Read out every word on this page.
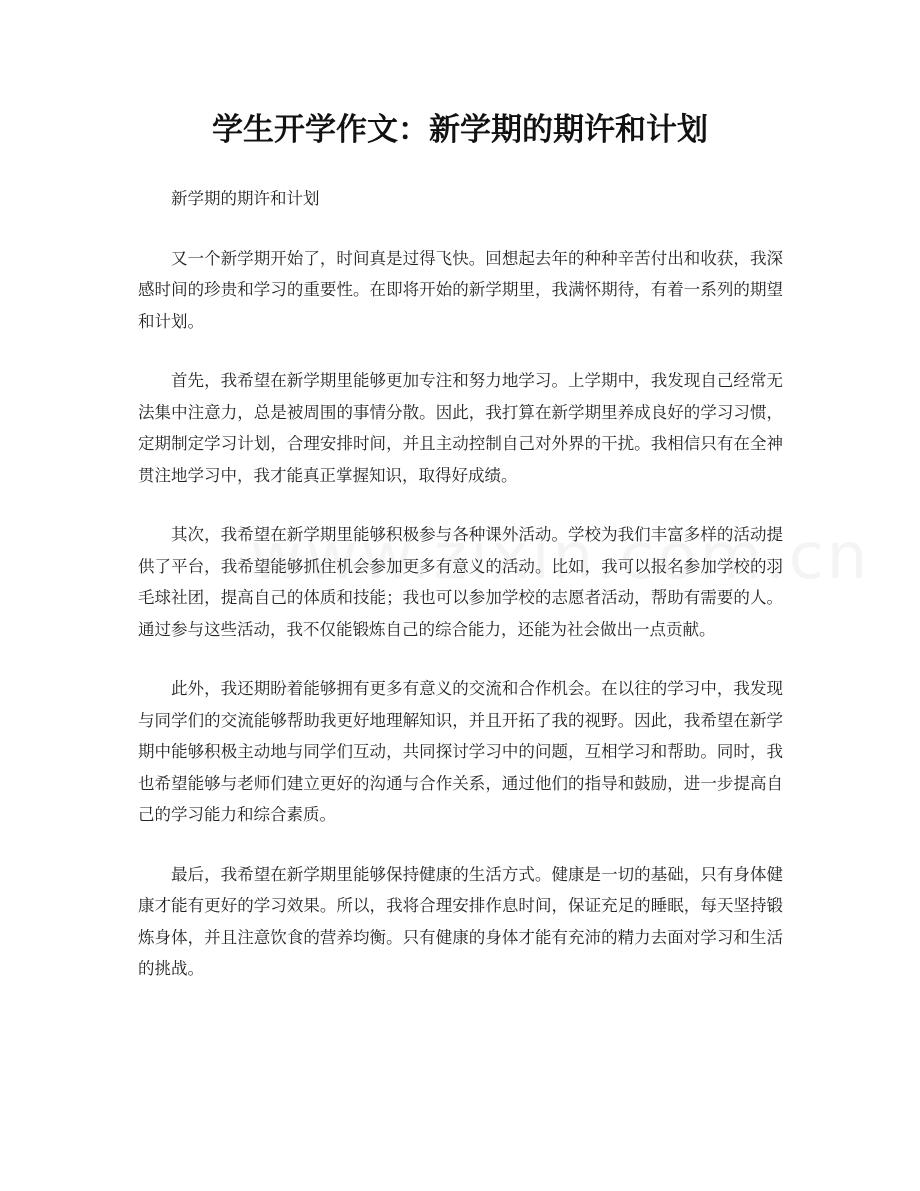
学生开学作文：新学期的期许和计划

新学期的期许和计划

又一个新学期开始了，时间真是过得飞快。回想起去年的种种辛苦付出和收获，我深感时间的珍贵和学习的重要性。在即将开始的新学期里，我满怀期待，有着一系列的期望和计划。

首先，我希望在新学期里能够更加专注和努力地学习。上学期中，我发现自己经常无法集中注意力，总是被周围的事情分散。因此，我打算在新学期里养成良好的学习习惯，定期制定学习计划，合理安排时间，并且主动控制自己对外界的干扰。我相信只有在全神贯注地学习中，我才能真正掌握知识，取得好成绩。

其次，我希望在新学期里能够积极参与各种课外活动。学校为我们丰富多样的活动提供了平台，我希望能够抓住机会参加更多有意义的活动。比如，我可以报名参加学校的羽毛球社团，提高自己的体质和技能；我也可以参加学校的志愿者活动，帮助有需要的人。通过参与这些活动，我不仅能锻炼自己的综合能力，还能为社会做出一点贡献。

此外，我还期盼着能够拥有更多有意义的交流和合作机会。在以往的学习中，我发现与同学们的交流能够帮助我更好地理解知识，并且开拓了我的视野。因此，我希望在新学期中能够积极主动地与同学们互动，共同探讨学习中的问题，互相学习和帮助。同时，我也希望能够与老师们建立更好的沟通与合作关系，通过他们的指导和鼓励，进一步提高自己的学习能力和综合素质。

最后，我希望在新学期里能够保持健康的生活方式。健康是一切的基础，只有身体健康才能有更好的学习效果。所以，我将合理安排作息时间，保证充足的睡眠，每天坚持锻炼身体，并且注意饮食的营养均衡。只有健康的身体才能有充沛的精力去面对学习和生活的挑战。
